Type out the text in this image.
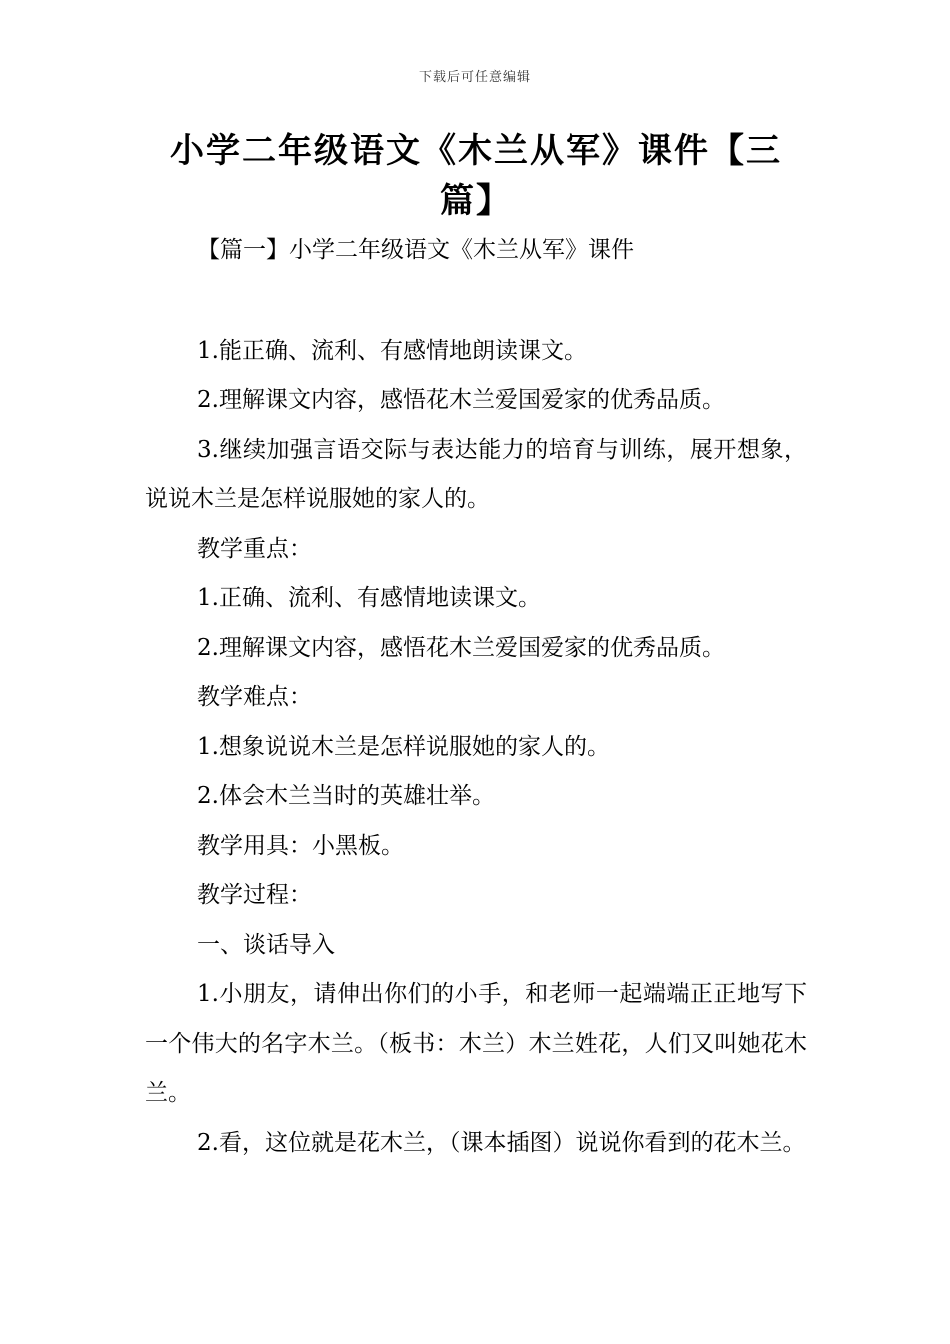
下载后可任意编辑
小学二年级语文《木兰从军》课件【三篇】

【篇一】小学二年级语文《木兰从军》课件

1.能正确、流利、有感情地朗读课文。

2.理解课文内容，感悟花木兰爱国爱家的优秀品质。

3.继续加强言语交际与表达能力的培育与训练，展开想象，说说木兰是怎样说服她的家人的。

教学重点：

1.正确、流利、有感情地读课文。

2.理解课文内容，感悟花木兰爱国爱家的优秀品质。

教学难点：

1.想象说说木兰是怎样说服她的家人的。

2.体会木兰当时的英雄壮举。

教学用具：小黑板。

教学过程：

一、谈话导入

1.小朋友，请伸出你们的小手，和老师一起端端正正地写下一个伟大的名字木兰。（板书：木兰）木兰姓花，人们又叫她花木兰。

2.看，这位就是花木兰，（课本插图）说说你看到的花木兰。
